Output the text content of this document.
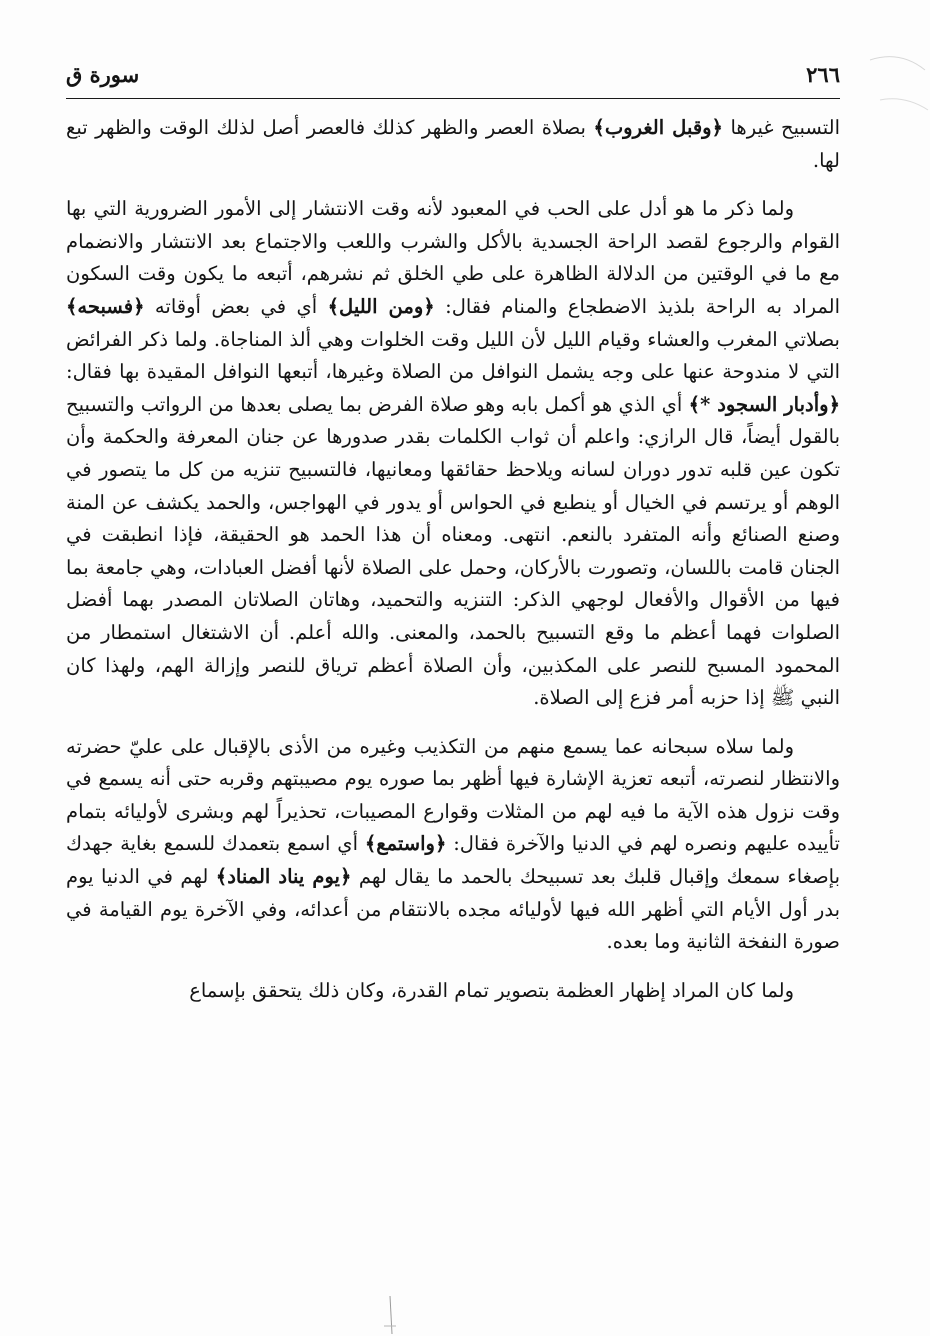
٢٦٦
سورة ق

التسبيح غيرها ﴿وقبل الغروب﴾ بصلاة العصر والظهر كذلك فالعصر أصل لذلك الوقت والظهر تبع لها.

ولما ذكر ما هو أدل على الحب في المعبود لأنه وقت الانتشار إلى الأمور الضرورية التي بها القوام والرجوع لقصد الراحة الجسدية بالأكل والشرب واللعب والاجتماع بعد الانتشار والانضمام مع ما في الوقتين من الدلالة الظاهرة على طي الخلق ثم نشرهم، أتبعه ما يكون وقت السكون المراد به الراحة بلذيذ الاضطجاع والمنام فقال: ﴿ومن الليل﴾ أي في بعض أوقاته ﴿فسبحه﴾ بصلاتي المغرب والعشاء وقيام الليل لأن الليل وقت الخلوات وهي ألذ المناجاة. ولما ذكر الفرائض التي لا مندوحة عنها على وجه يشمل النوافل من الصلاة وغيرها، أتبعها النوافل المقيدة بها فقال: ﴿وأدبار السجود *﴾ أي الذي هو أكمل بابه وهو صلاة الفرض بما يصلى بعدها من الرواتب والتسبيح بالقول أيضاً، قال الرازي: واعلم أن ثواب الكلمات بقدر صدورها عن جنان المعرفة والحكمة وأن تكون عين قلبه تدور دوران لسانه ويلاحظ حقائقها ومعانيها، فالتسبيح تنزيه من كل ما يتصور في الوهم أو يرتسم في الخيال أو ينطبع في الحواس أو يدور في الهواجس، والحمد يكشف عن المنة وصنع الصنائع وأنه المتفرد بالنعم. انتهى. ومعناه أن هذا الحمد هو الحقيقة، فإذا انطبقت في الجنان قامت باللسان، وتصورت بالأركان، وحمل على الصلاة لأنها أفضل العبادات، وهي جامعة بما فيها من الأقوال والأفعال لوجهي الذكر: التنزيه والتحميد، وهاتان الصلاتان المصدر بهما أفضل الصلوات فهما أعظم ما وقع التسبيح بالحمد، والمعنى. والله أعلم. أن الاشتغال استمطار من المحمود المسبح للنصر على المكذبين، وأن الصلاة أعظم ترياق للنصر وإزالة الهم، ولهذا كان النبي ﷺ إذا حزبه أمر فزع إلى الصلاة.

ولما سلاه سبحانه عما يسمع منهم من التكذيب وغيره من الأذى بالإقبال على عليّ حضرته والانتظار لنصرته، أتبعه تعزية الإشارة فيها أظهر بما صوره يوم مصيبتهم وقربه حتى أنه يسمع في وقت نزول هذه الآية ما فيه لهم من المثلات وقوارع المصيبات، تحذيراً لهم وبشرى لأوليائه بتمام تأييده عليهم ونصره لهم في الدنيا والآخرة فقال: ﴿واستمع﴾ أي اسمع بتعمدك للسمع بغاية جهدك بإصغاء سمعك وإقبال قلبك بعد تسبيحك بالحمد ما يقال لهم ﴿يوم يناد المناد﴾ لهم في الدنيا يوم بدر أول الأيام التي أظهر الله فيها لأوليائه مجده بالانتقام من أعدائه، وفي الآخرة يوم القيامة في صورة النفخة الثانية وما بعده.

ولما كان المراد إظهار العظمة بتصوير تمام القدرة، وكان ذلك يتحقق بإسماع
